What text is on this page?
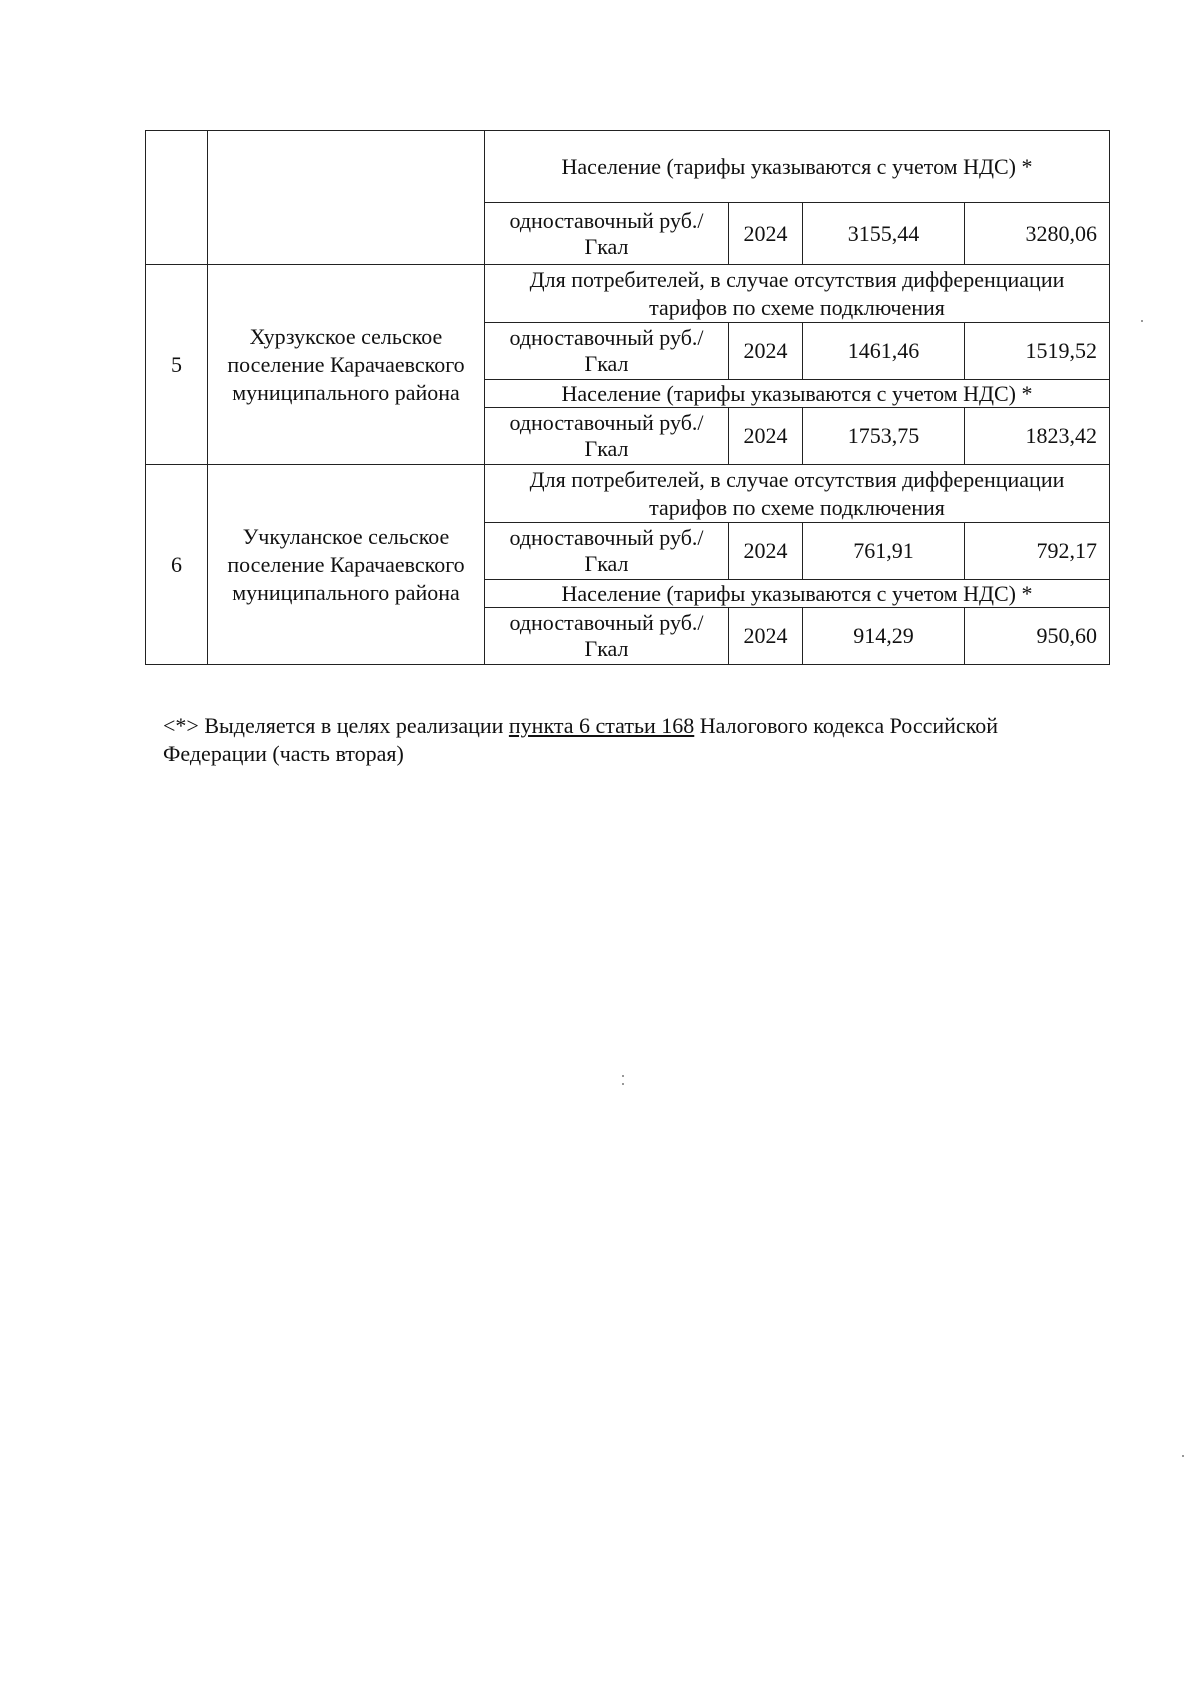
		Население (тарифы указываются с учетом НДС) *			
		одноставочный руб./Гкал	2024	3155,44	3280,06
5	Хурзукское сельское поселение Карачаевского муниципального района	Для потребителей, в случае отсутствия дифференциации тарифов по схеме подключения			
		одноставочный руб./Гкал	2024	1461,46	1519,52
		Население (тарифы указываются с учетом НДС) *			
		одноставочный руб./Гкал	2024	1753,75	1823,42
6	Учкуланское сельское поселение Карачаевского муниципального района	Для потребителей, в случае отсутствия дифференциации тарифов по схеме подключения			
		одноставочный руб./Гкал	2024	761,91	792,17
		Население (тарифы указываются с учетом НДС) *			
		одноставочный руб./Гкал	2024	914,29	950,60
<*> Выделяется в целях реализации пункта 6 статьи 168 Налогового кодекса Российской Федерации (часть вторая)
